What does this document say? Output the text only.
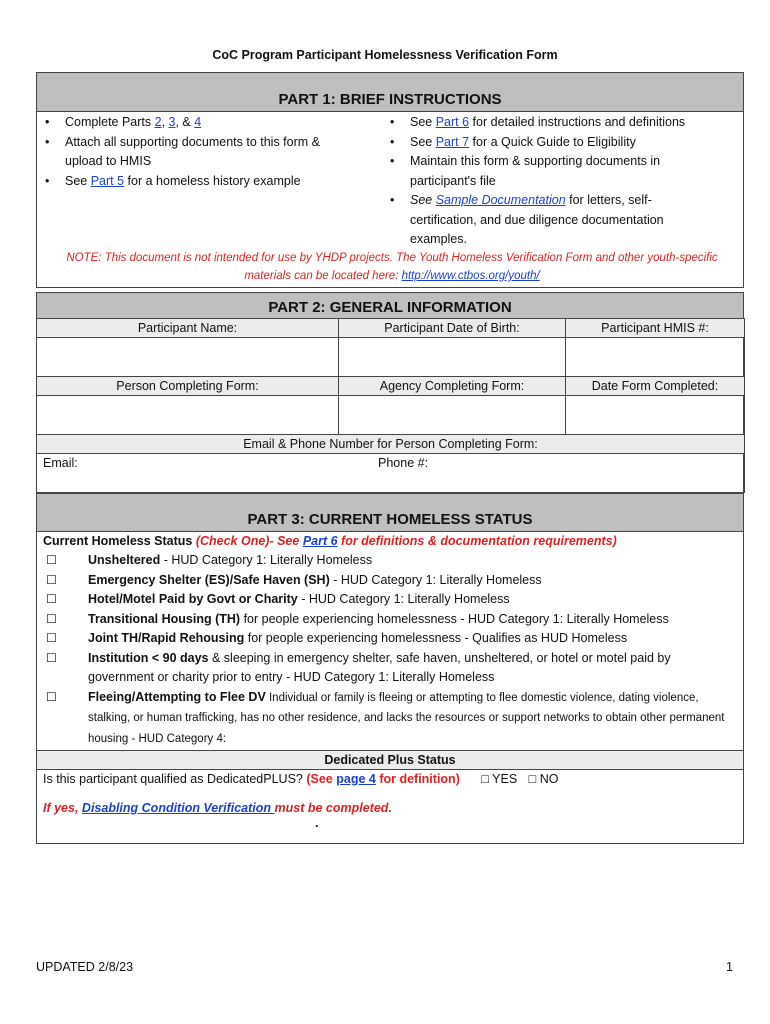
CoC Program Participant Homelessness Verification Form
PART 1: BRIEF INSTRUCTIONS
• Complete Parts 2, 3, & 4
• Attach all supporting documents to this form & upload to HMIS
• See Part 5 for a homeless history example
• See Part 6 for detailed instructions and definitions
• See Part 7 for a Quick Guide to Eligibility
• Maintain this form & supporting documents in participant's file
• See Sample Documentation for letters, self-certification, and due diligence documentation examples.
NOTE: This document is not intended for use by YHDP projects. The Youth Homeless Verification Form and other youth-specific materials can be located here: http://www.ctbos.org/youth/
PART 2: GENERAL INFORMATION
Participant Name:	Participant Date of Birth:	Participant HMIS #:

Person Completing Form:	Agency Completing Form:	Date Form Completed:

Email & Phone Number for Person Completing Form:		

Email: Phone #:		
PART 3: CURRENT HOMELESS STATUS
Current Homeless Status (Check One)- See Part 6 for definitions & documentation requirements)
☐ Unsheltered - HUD Category 1: Literally Homeless
☐ Emergency Shelter (ES)/Safe Haven (SH) - HUD Category 1: Literally Homeless
☐ Hotel/Motel Paid by Govt or Charity - HUD Category 1: Literally Homeless
☐ Transitional Housing (TH) for people experiencing homelessness - HUD Category 1: Literally Homeless
☐ Joint TH/Rapid Rehousing for people experiencing homelessness - Qualifies as HUD Homeless
☐ Institution < 90 days & sleeping in emergency shelter, safe haven, unsheltered, or hotel or motel paid by government or charity prior to entry - HUD Category 1: Literally Homeless
☐ Fleeing/Attempting to Flee DV Individual or family is fleeing or attempting to flee domestic violence, dating violence, stalking, or human trafficking, has no other residence, and lacks the resources or support networks to obtain other permanent housing - HUD Category 4:
Dedicated Plus Status
Is this participant qualified as DedicatedPLUS? (See page 4 for definition) □ YES □ NO
If yes, Disabling Condition Verification must be completed.
.
UPDATED 2/8/23	1
